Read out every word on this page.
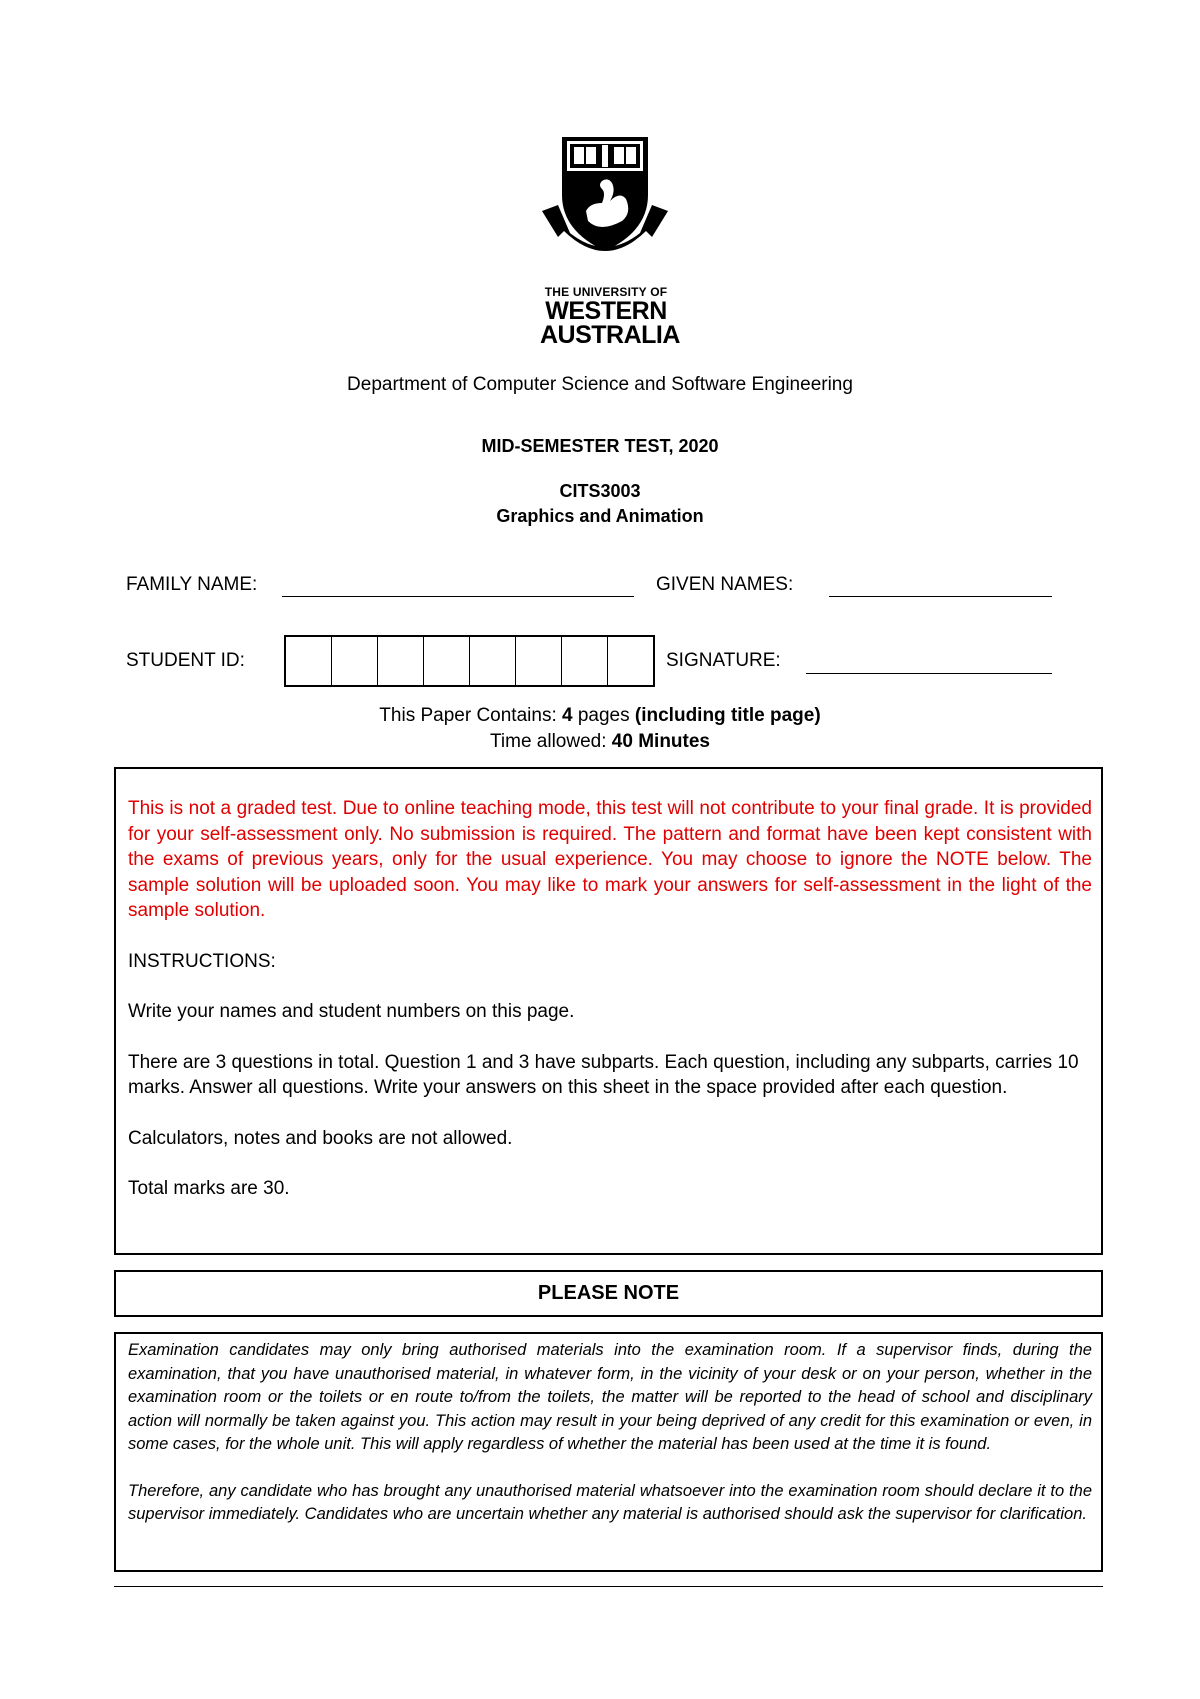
SEEK WISDOM
THE UNIVERSITY OF
WESTERN
AUSTRALIA
Department of Computer Science and Software Engineering
MID-SEMESTER TEST, 2020
CITS3003
Graphics and Animation
FAMILY NAME:	GIVEN NAMES:
STUDENT ID:	SIGNATURE:
This Paper Contains: 4 pages (including title page)
Time allowed: 40 Minutes

This is not a graded test. Due to online teaching mode, this test will not contribute to your final grade. It is provided for your self-assessment only. No submission is required. The pattern and format have been kept consistent with the exams of previous years, only for the usual experience. You may choose to ignore the NOTE below. The sample solution will be uploaded soon. You may like to mark your answers for self-assessment in the light of the sample solution.

INSTRUCTIONS:

Write your names and student numbers on this page.

There are 3 questions in total. Question 1 and 3 have subparts. Each question, including any subparts, carries 10 marks. Answer all questions. Write your answers on this sheet in the space provided after each question.

Calculators, notes and books are not allowed.

Total marks are 30.

PLEASE NOTE

Examination candidates may only bring authorised materials into the examination room. If a supervisor finds, during the examination, that you have unauthorised material, in whatever form, in the vicinity of your desk or on your person, whether in the examination room or the toilets or en route to/from the toilets, the matter will be reported to the head of school and disciplinary action will normally be taken against you. This action may result in your being deprived of any credit for this examination or even, in some cases, for the whole unit. This will apply regardless of whether the material has been used at the time it is found.

Therefore, any candidate who has brought any unauthorised material whatsoever into the examination room should declare it to the supervisor immediately. Candidates who are uncertain whether any material is authorised should ask the supervisor for clarification.
